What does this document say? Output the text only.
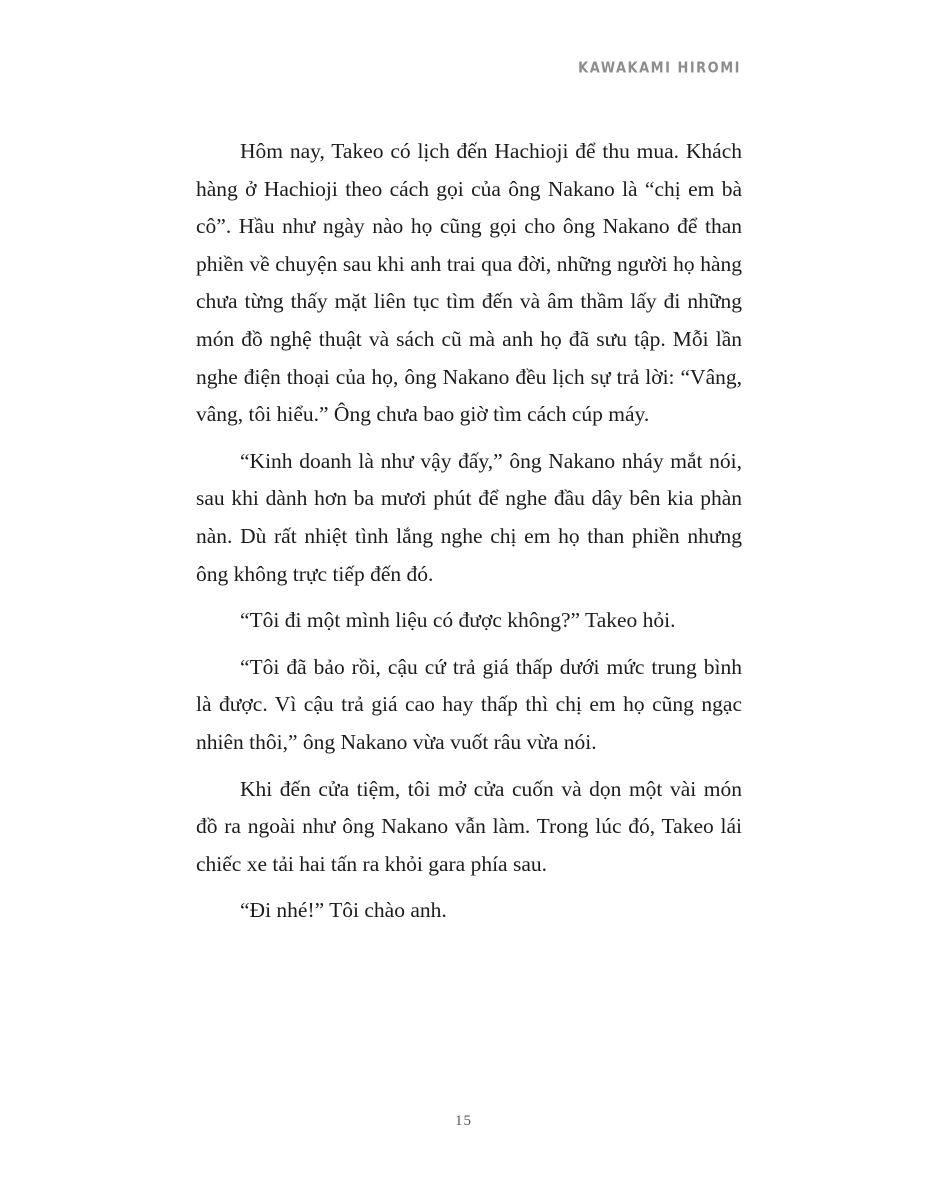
KAWAKAMI HIROMI

Hôm nay, Takeo có lịch đến Hachioji để thu mua. Khách hàng ở Hachioji theo cách gọi của ông Nakano là “chị em bà cô”. Hầu như ngày nào họ cũng gọi cho ông Nakano để than phiền về chuyện sau khi anh trai qua đời, những người họ hàng chưa từng thấy mặt liên tục tìm đến và âm thầm lấy đi những món đồ nghệ thuật và sách cũ mà anh họ đã sưu tập. Mỗi lần nghe điện thoại của họ, ông Nakano đều lịch sự trả lời: “Vâng, vâng, tôi hiểu.” Ông chưa bao giờ tìm cách cúp máy.

“Kinh doanh là như vậy đấy,” ông Nakano nháy mắt nói, sau khi dành hơn ba mươi phút để nghe đầu dây bên kia phàn nàn. Dù rất nhiệt tình lắng nghe chị em họ than phiền nhưng ông không trực tiếp đến đó.

“Tôi đi một mình liệu có được không?” Takeo hỏi.

“Tôi đã bảo rồi, cậu cứ trả giá thấp dưới mức trung bình là được. Vì cậu trả giá cao hay thấp thì chị em họ cũng ngạc nhiên thôi,” ông Nakano vừa vuốt râu vừa nói.

Khi đến cửa tiệm, tôi mở cửa cuốn và dọn một vài món đồ ra ngoài như ông Nakano vẫn làm. Trong lúc đó, Takeo lái chiếc xe tải hai tấn ra khỏi gara phía sau.

“Đi nhé!” Tôi chào anh.

15
